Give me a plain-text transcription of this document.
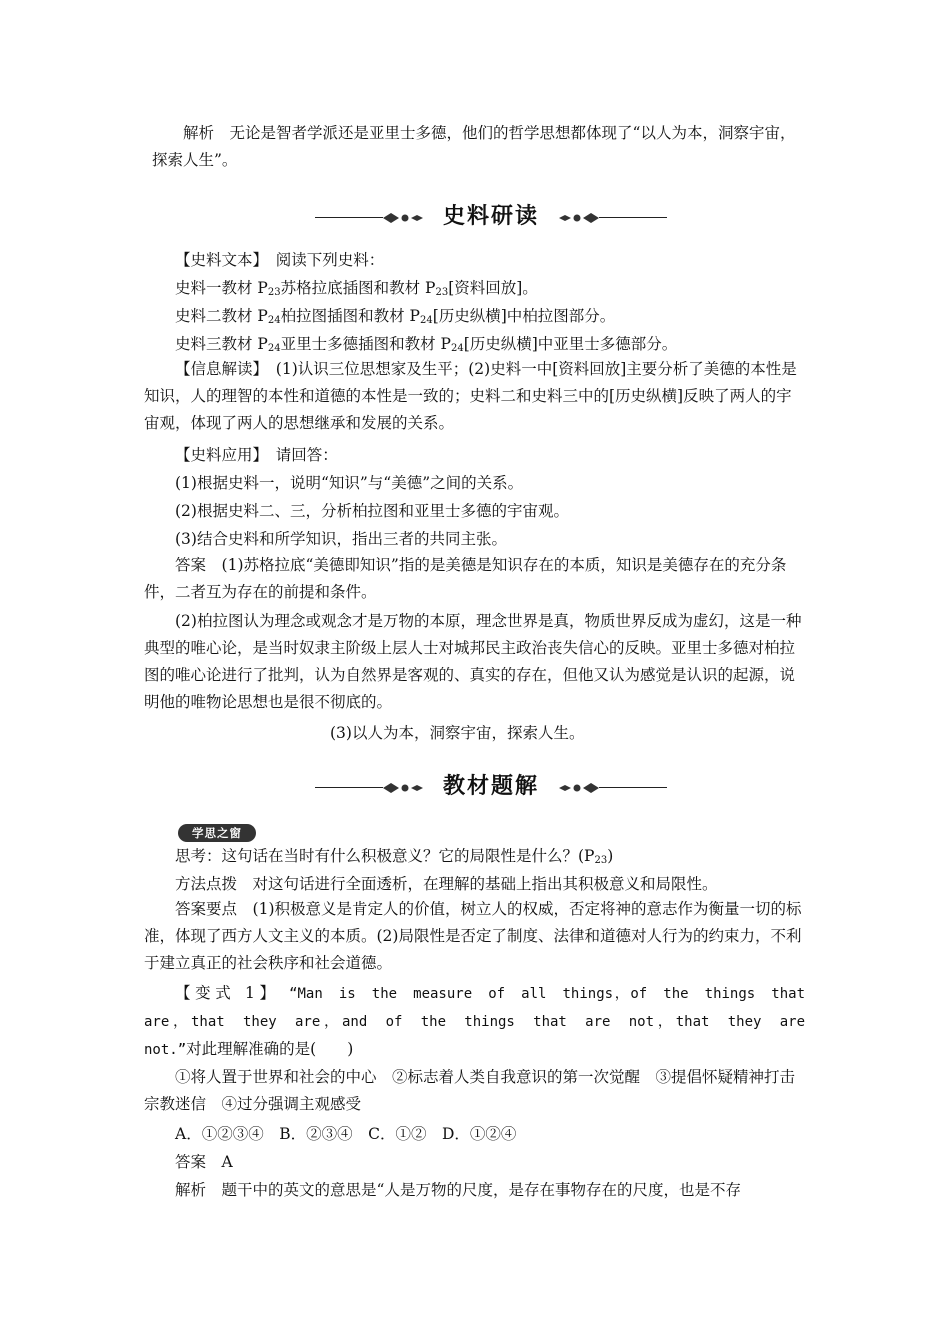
解析　 无论是智者学派还是亚里士多德，他们的哲学思想都体现了“以人为本，洞察宇宙，探索人生”。
史料研读
【史料文本】　 阅读下列史料：
史料一教材 $P_{23}$苏格拉底插图和教材 $P_{23}$[资料回放]。
史料二教材 $P_{24}$柏拉图插图和教材 $P_{24}$[历史纵横]中柏拉图部分。
史料三教材 $P_{24}$亚里士多德插图和教材 $P_{24}$[历史纵横]中亚里士多德部分。
【信息解读】　 (1)认识三位思想家及生平；(2)史料一中[资料回放]主要分析了美德的本性是知识，人的理智的本性和道德的本性是一致的；史料二和史料三中的[历史纵横]反映了两人的宇宙观，体现了两人的思想继承和发展的关系。
【史料应用】　 请回答：
(1)根据史料一，说明“知识”与“美德”之间的关系。
(2)根据史料二、三，分析柏拉图和亚里士多德的宇宙观。
(3)结合史料和所学知识，指出三者的共同主张。
答案　 (1)苏格拉底“美德即知识”指的是美德是知识存在的本质，知识是美德存在的充分条件，二者互为存在的前提和条件。
(2)柏拉图认为理念或观念才是万物的本原，理念世界是真，物质世界反成为虚幻，这是一种典型的唯心论，是当时奴隶主阶级上层人士对城邦民主政治丧失信心的反映。亚里士多德对柏拉图的唯心论进行了批判，认为自然界是客观的、真实的存在，但他又认为感觉是认识的起源，说明他的唯物论思想也是很不彻底的。
(3)以人为本，洞察宇宙，探索人生。
教材题解
学思之窗
思考：这句话在当时有什么积极意义？它的局限性是什么？$(P_{23})$
方法点拨　 对这句话进行全面透析，在理解的基础上指出其积极意义和局限性。
答案要点　 (1)积极意义是肯定人的价值，树立人的权威，否定将神的意志作为衡量一切的标准，体现了西方人文主义的本质。(2)局限性是否定了制度、法律和道德对人行为的约束力，不利于建立真正的社会秩序和社会道德。
【变式 1】　 “Man is the measure of all things，of the things that are，that they are，and of the things that are not，that they are not.”对此理解准确的是(　　)
①将人置于世界和社会的中心　②标志着人类自我意识的第一次觉醒　③提倡怀疑精神打击宗教迷信　④过分强调主观感受
A．①②③④　B．②③④　C．①②　D．①②④
答案　 A
解析　 题干中的英文的意思是“人是万物的尺度，是存在事物存在的尺度，也是不存
